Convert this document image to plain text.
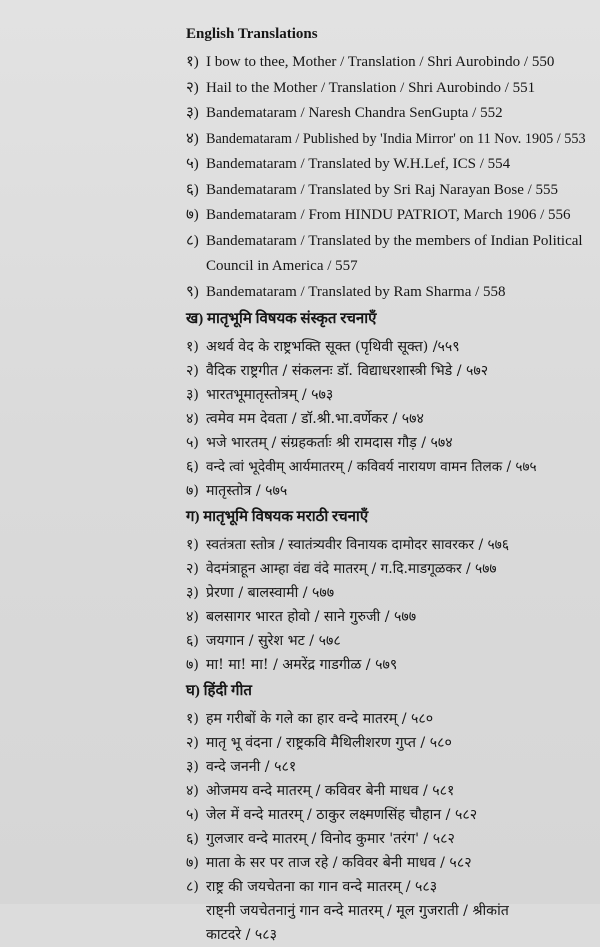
English Translations
१) I bow to thee, Mother / Translation / Shri Aurobindo / 550
२) Hail to the Mother / Translation / Shri Aurobindo / 551
३) Bandemataram / Naresh Chandra SenGupta / 552
४) Bandemataram / Published by 'India Mirror' on 11 Nov. 1905 / 553
५) Bandemataram / Translated by W.H.Lef, ICS / 554
६) Bandemataram / Translated by Sri Raj Narayan Bose / 555
७) Bandemataram / From HINDU PATRIOT, March 1906 / 556
८) Bandemataram / Translated by the members of Indian Political Council in America / 557
९) Bandemataram / Translated by Ram Sharma / 558
ख) मातृभूमि विषयक संस्कृत रचनाएँ
१) अथर्व वेद के राष्ट्रभक्ति सूक्त (पृथिवी सूक्त) /५५९
२) वैदिक राष्ट्रगीत / संकलनः डॉ. विद्याधरशास्त्री भिडे / ५७२
३) भारतभूमातृस्तोत्रम् / ५७३
४) त्वमेव मम देवता / डॉ.श्री.भा.वर्णेकर / ५७४
५) भजे भारतम् / संग्रहकर्ताः श्री रामदास गौड़ / ५७४
६) वन्दे त्वां भूदेवीम् आर्यमातरम् / कविवर्य नारायण वामन तिलक / ५७५
७) मातृस्तोत्र / ५७५
ग) मातृभूमि विषयक मराठी रचनाएँ
१) स्वतंत्रता स्तोत्र / स्वातंत्र्यवीर विनायक दामोदर सावरकर / ५७६
२) वेदमंत्राहून आम्हा वंद्य वंदे मातरम् / ग.दि.माडगूळकर / ५७७
३) प्रेरणा / बालस्वामी / ५७७
४) बलसागर भारत होवो / साने गुरुजी / ५७७
६) जयगान / सुरेश भट / ५७८
७) मा! मा! मा! / अमरेंद्र गाडगीळ / ५७९
घ) हिंदी गीत
१) हम गरीबों के गले का हार वन्दे मातरम् / ५८०
२) मातृ भू वंदना / राष्ट्रकवि मैथिलीशरण गुप्त / ५८०
३) वन्दे जननी / ५८१
४) ओजमय वन्दे मातरम् / कविवर बेनी माधव / ५८१
५) जेल में वन्दे मातरम् / ठाकुर लक्ष्मणसिंह चौहान / ५८२
६) गुलजार वन्दे मातरम् / विनोद कुमार 'तरंग' / ५८२
७) माता के सर पर ताज रहे / कविवर बेनी माधव / ५८२
८) राष्ट्र की जयचेतना का गान वन्दे मातरम् / ५८३
राष्ट्नी जयचेतनानुं गान वन्दे मातरम् / मूल गुजराती / श्रीकांत काटदरे / ५८३
